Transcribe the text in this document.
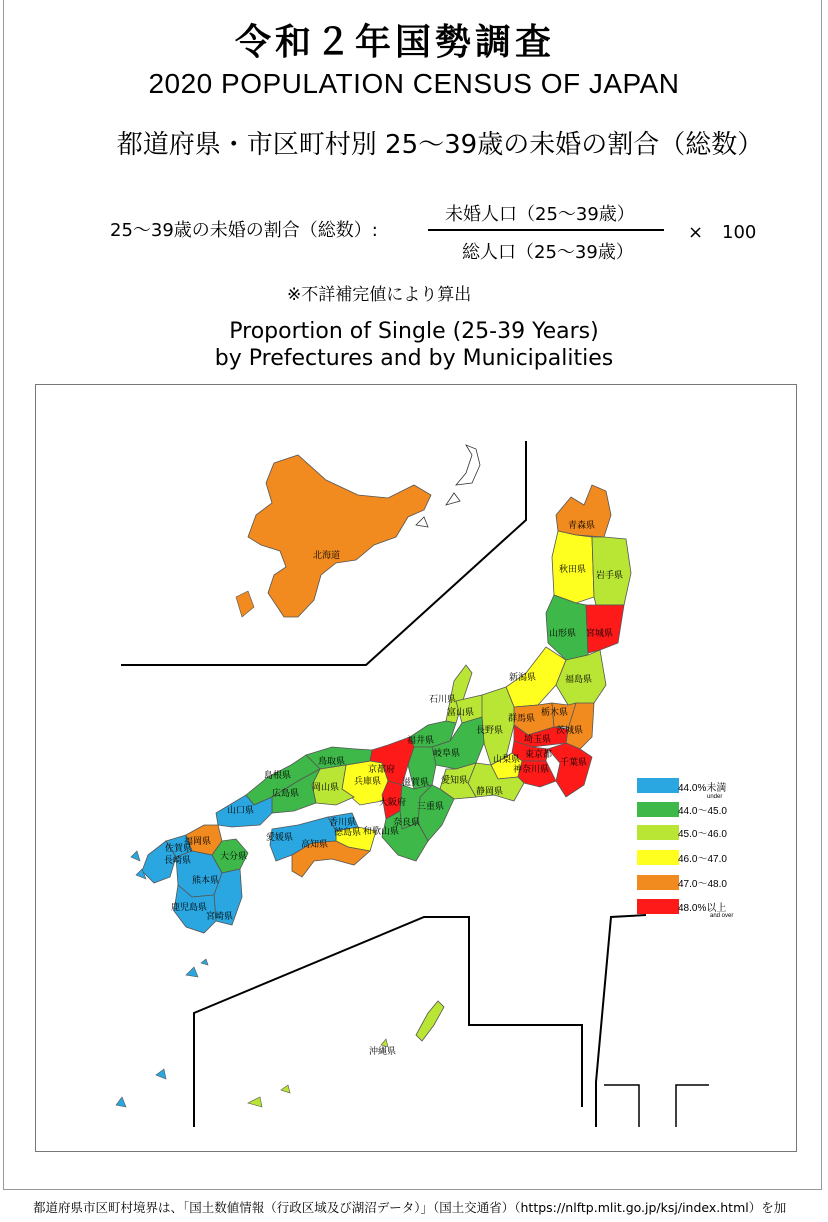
令和２年国勢調査
2020 POPULATION CENSUS OF JAPAN
都道府県・市区町村別 25～39歳の未婚の割合（総数）
25～39歳の未婚の割合（総数）:
未婚人口（25～39歳）
総人口（25～39歳）
× 100
※不詳補完値により算出
Proportion of Single (25-39 Years)
by Prefectures and by Municipalities
北海道
青森県
秋田県
岩手県
山形県 宮城県
新潟県	福島県
石川県
富山県
群馬県
栃木県
茨城県
長野県
福井県	埼玉県
岐阜県	東京都
山梨県	千葉県
神奈川県
鳥取県
島根県
京都府
兵庫県 滋賀県 愛知県
静岡県
岡山県
広島県
山口県
大阪府 三重県
奈良県
和歌山県
香川県
徳島県
愛媛県
高知県
福岡県
佐賀県
長崎県	大分県
熊本県
鹿児島県
宮崎県
沖縄県
44.0%未満
under
44.0～45.0
45.0～46.0
46.0～47.0
47.0～48.0
48.0%以上
and over
都道府県市区町村境界は、「国土数値情報（行政区域及び湖沼データ）」（国土交通省）（https://nlftp.mlit.go.jp/ksj/index.html）を加
